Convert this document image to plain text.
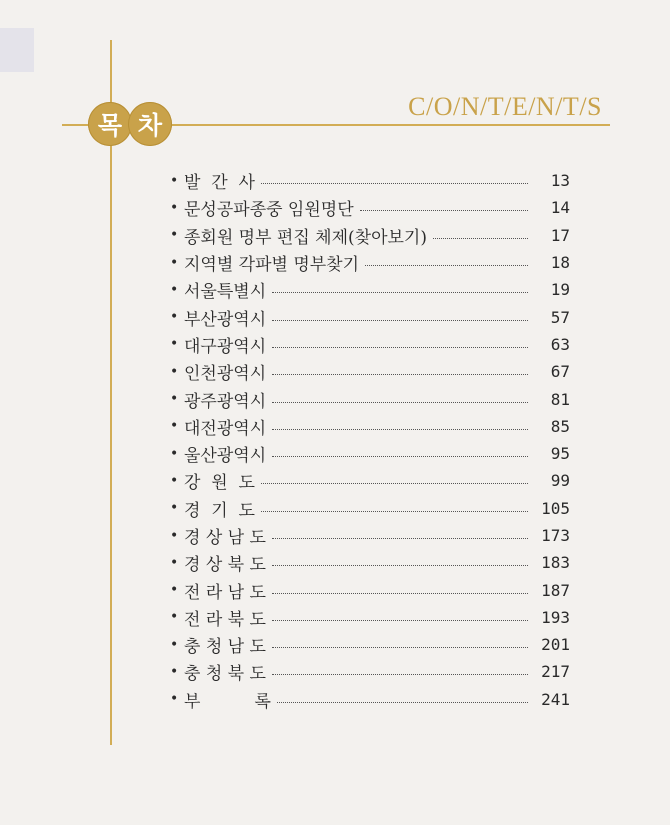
목 차
C/O/N/T/E/N/T/S
• 발  간  사	13
• 문성공파종중 임원명단	14
• 종회원 명부 편집 체제(찾아보기)	17
• 지역별 각파별 명부찾기	18
• 서울특별시	19
• 부산광역시	57
• 대구광역시	63
• 인천광역시	67
• 광주광역시	81
• 대전광역시	85
• 울산광역시	95
• 강  원  도	99
• 경  기  도	105
• 경 상 남 도	173
• 경 상 북 도	183
• 전 라 남 도	187
• 전 라 북 도	193
• 충 청 남 도	201
• 충 청 북 도	217
• 부          록	241
